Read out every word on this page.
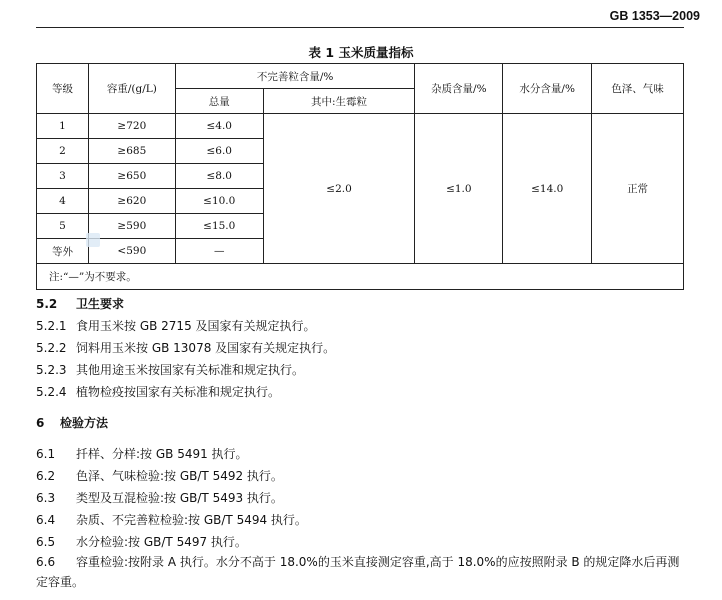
GB 1353—2009
表 1 玉米质量指标
等级	容重/(g/L)	不完善粒含量/%		杂质含量/%	水分含量/%	色泽、气味
		总量	其中:生霉粒			
1	≥720	≤4.0	≤2.0	≤1.0	≤14.0	正常
2	≥685	≤6.0				
3	≥650	≤8.0				
4	≥620	≤10.0				
5	≥590	≤15.0				
等外	<590	—				
注:“—”为不要求。						
5.2 卫生要求
5.2.1 食用玉米按 GB 2715 及国家有关规定执行。
5.2.2 饲料用玉米按 GB 13078 及国家有关规定执行。
5.2.3 其他用途玉米按国家有关标准和规定执行。
5.2.4 植物检疫按国家有关标准和规定执行。
6 检验方法
6.1 扦样、分样:按 GB 5491 执行。
6.2 色泽、气味检验:按 GB/T 5492 执行。
6.3 类型及互混检验:按 GB/T 5493 执行。
6.4 杂质、不完善粒检验:按 GB/T 5494 执行。
6.5 水分检验:按 GB/T 5497 执行。
6.6 容重检验:按附录 A 执行。水分不高于 18.0%的玉米直接测定容重,高于 18.0%的应按照附录 B 的规定降水后再测定容重。
